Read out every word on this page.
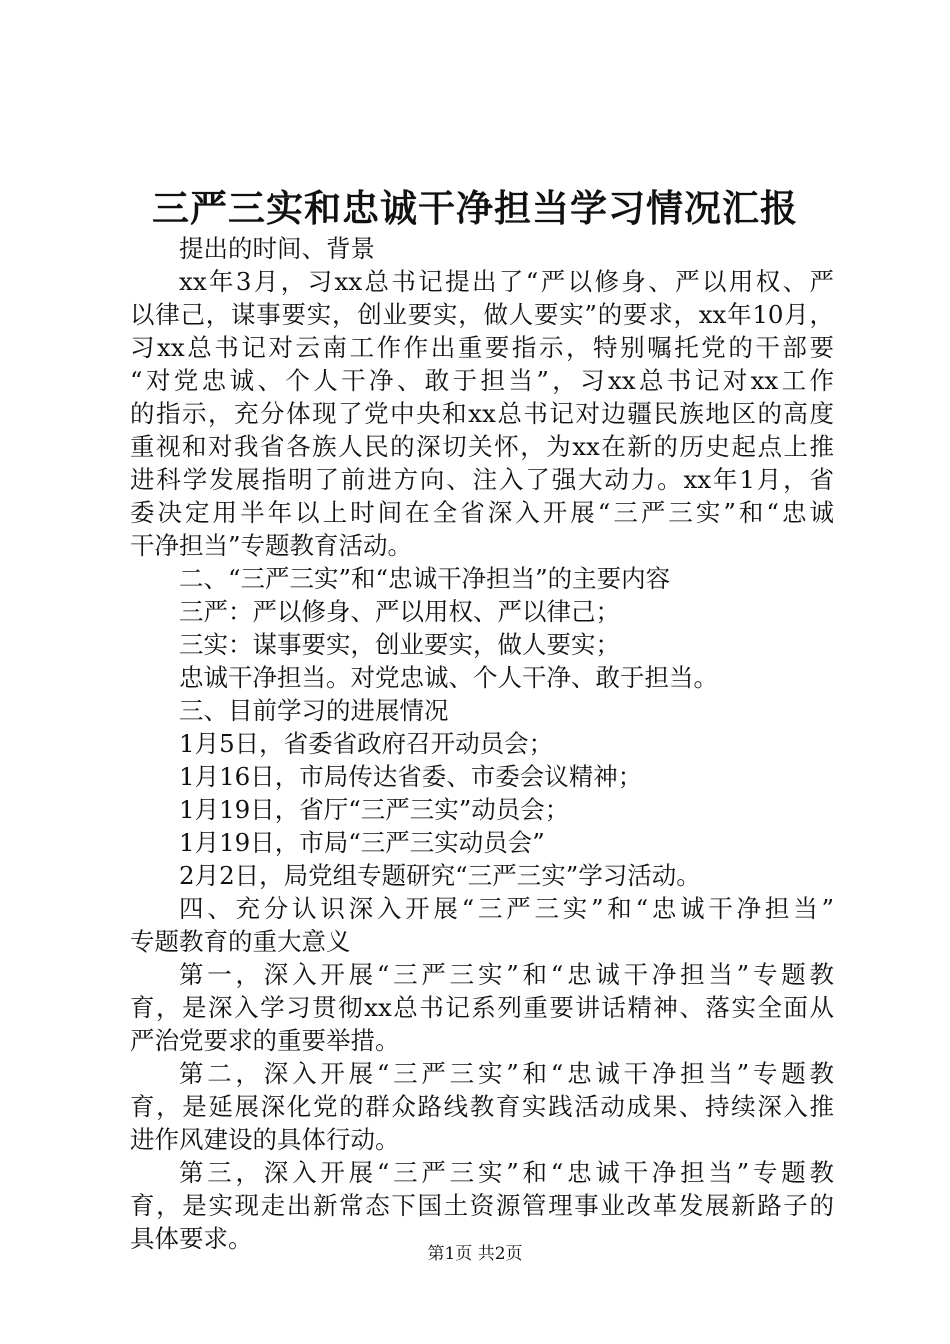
三严三实和忠诚干净担当学习情况汇报
提出的时间、背景
xx年3月，习xx总书记提出了“严以修身、严以用权、严
以律己，谋事要实，创业要实，做人要实”的要求，xx年10月，
习xx总书记对云南工作作出重要指示，特别嘱托党的干部要
“对党忠诚、个人干净、敢于担当”，习xx总书记对xx工作
的指示，充分体现了党中央和xx总书记对边疆民族地区的高度
重视和对我省各族人民的深切关怀，为xx在新的历史起点上推
进科学发展指明了前进方向、注入了强大动力。xx年1月，省
委决定用半年以上时间在全省深入开展“三严三实”和“忠诚
干净担当”专题教育活动。
二、“三严三实”和“忠诚干净担当”的主要内容
三严：严以修身、严以用权、严以律己；
三实：谋事要实，创业要实，做人要实；
忠诚干净担当。对党忠诚、个人干净、敢于担当。
三、目前学习的进展情况
1月5日，省委省政府召开动员会；
1月16日，市局传达省委、市委会议精神；
1月19日，省厅“三严三实”动员会；
1月19日，市局“三严三实动员会”
2月2日，局党组专题研究“三严三实”学习活动。
四、充分认识深入开展“三严三实”和“忠诚干净担当”
专题教育的重大意义
第一，深入开展“三严三实”和“忠诚干净担当”专题教
育，是深入学习贯彻xx总书记系列重要讲话精神、落实全面从
严治党要求的重要举措。
第二，深入开展“三严三实”和“忠诚干净担当”专题教
育，是延展深化党的群众路线教育实践活动成果、持续深入推
进作风建设的具体行动。
第三，深入开展“三严三实”和“忠诚干净担当”专题教
育，是实现走出新常态下国土资源管理事业改革发展新路子的
具体要求。
第1页 共2页
